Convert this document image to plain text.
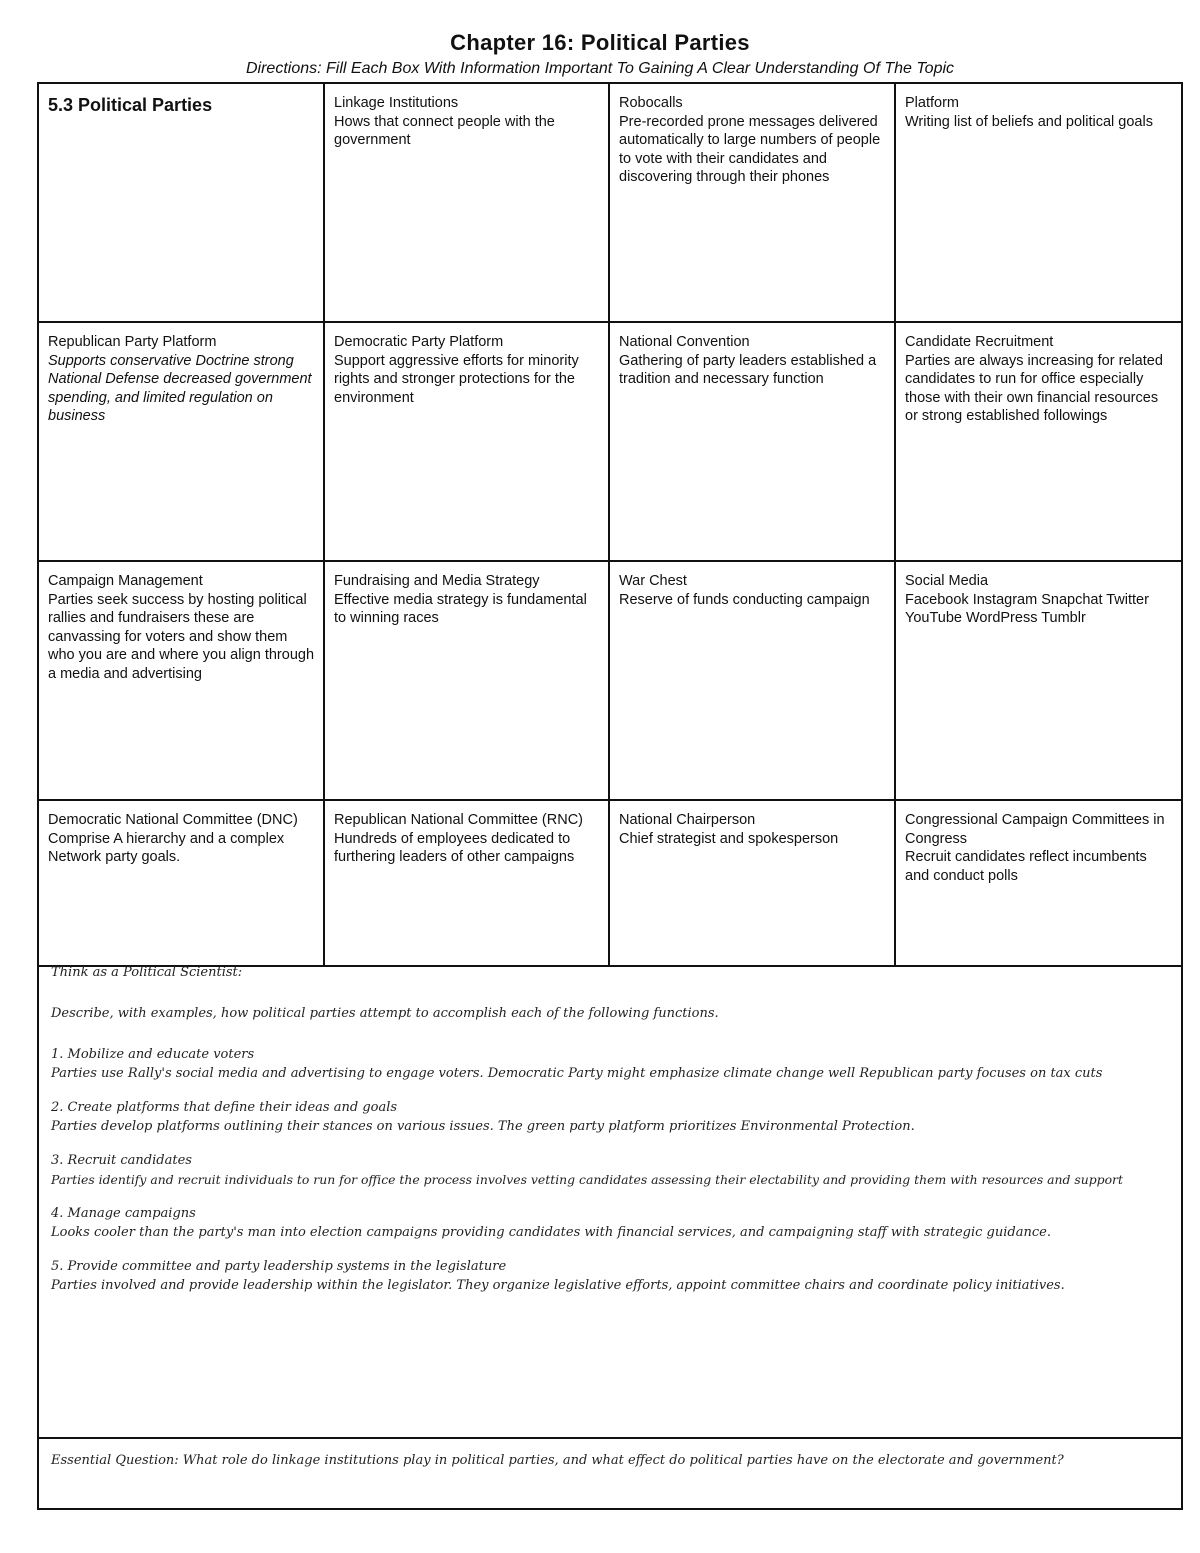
Chapter 16: Political Parties
Directions: Fill Each Box With Information Important To Gaining A Clear Understanding Of The Topic
5.3 Political Parties	Linkage Institutions
Hows that connect people with the government
Robocalls
Pre-recorded prone messages delivered automatically to large numbers of people to vote with their candidates and discovering through their phones
Platform
Writing list of beliefs and political goals
Republican Party Platform
Supports conservative Doctrine strong National Defense decreased government spending, and limited regulation on business
Democratic Party Platform
Support aggressive efforts for minority rights and stronger protections for the environment
National Convention
Gathering of party leaders established a tradition and necessary function
Candidate Recruitment
Parties are always increasing for related candidates to run for office especially those with their own financial resources or strong established followings
Campaign Management
Parties seek success by hosting political rallies and fundraisers these are canvassing for voters and show them who you are and where you align through a media and advertising
Fundraising and Media Strategy
Effective media strategy is fundamental to winning races
War Chest
Reserve of funds conducting campaign
Social Media
Facebook Instagram Snapchat Twitter YouTube WordPress Tumblr
Democratic National Committee (DNC)
Comprise A hierarchy and a complex Network party goals.
Republican National Committee (RNC)
Hundreds of employees dedicated to furthering leaders of other campaigns
National Chairperson
Chief strategist and spokesperson
Congressional Campaign Committees in Congress
Recruit candidates reflect incumbents and conduct polls

Think as a Political Scientist:

Describe, with examples, how political parties attempt to accomplish each of the following functions.

1. Mobilize and educate voters

Parties use Rally's social media and advertising to engage voters. Democratic Party might emphasize climate change well Republican party focuses on tax cuts

2. Create platforms that define their ideas and goals

Parties develop platforms outlining their stances on various issues. The green party platform prioritizes Environmental Protection.

3. Recruit candidates

Parties identify and recruit individuals to run for office the process involves vetting candidates assessing their electability and providing them with resources and support

4. Manage campaigns

Looks cooler than the party's man into election campaigns providing candidates with financial services, and campaigning staff with strategic guidance.

5. Provide committee and party leadership systems in the legislature

Parties involved and provide leadership within the legislator. They organize legislative efforts, appoint committee chairs and coordinate policy initiatives.

Essential Question: What role do linkage institutions play in political parties, and what effect do political parties have on the electorate and government?
